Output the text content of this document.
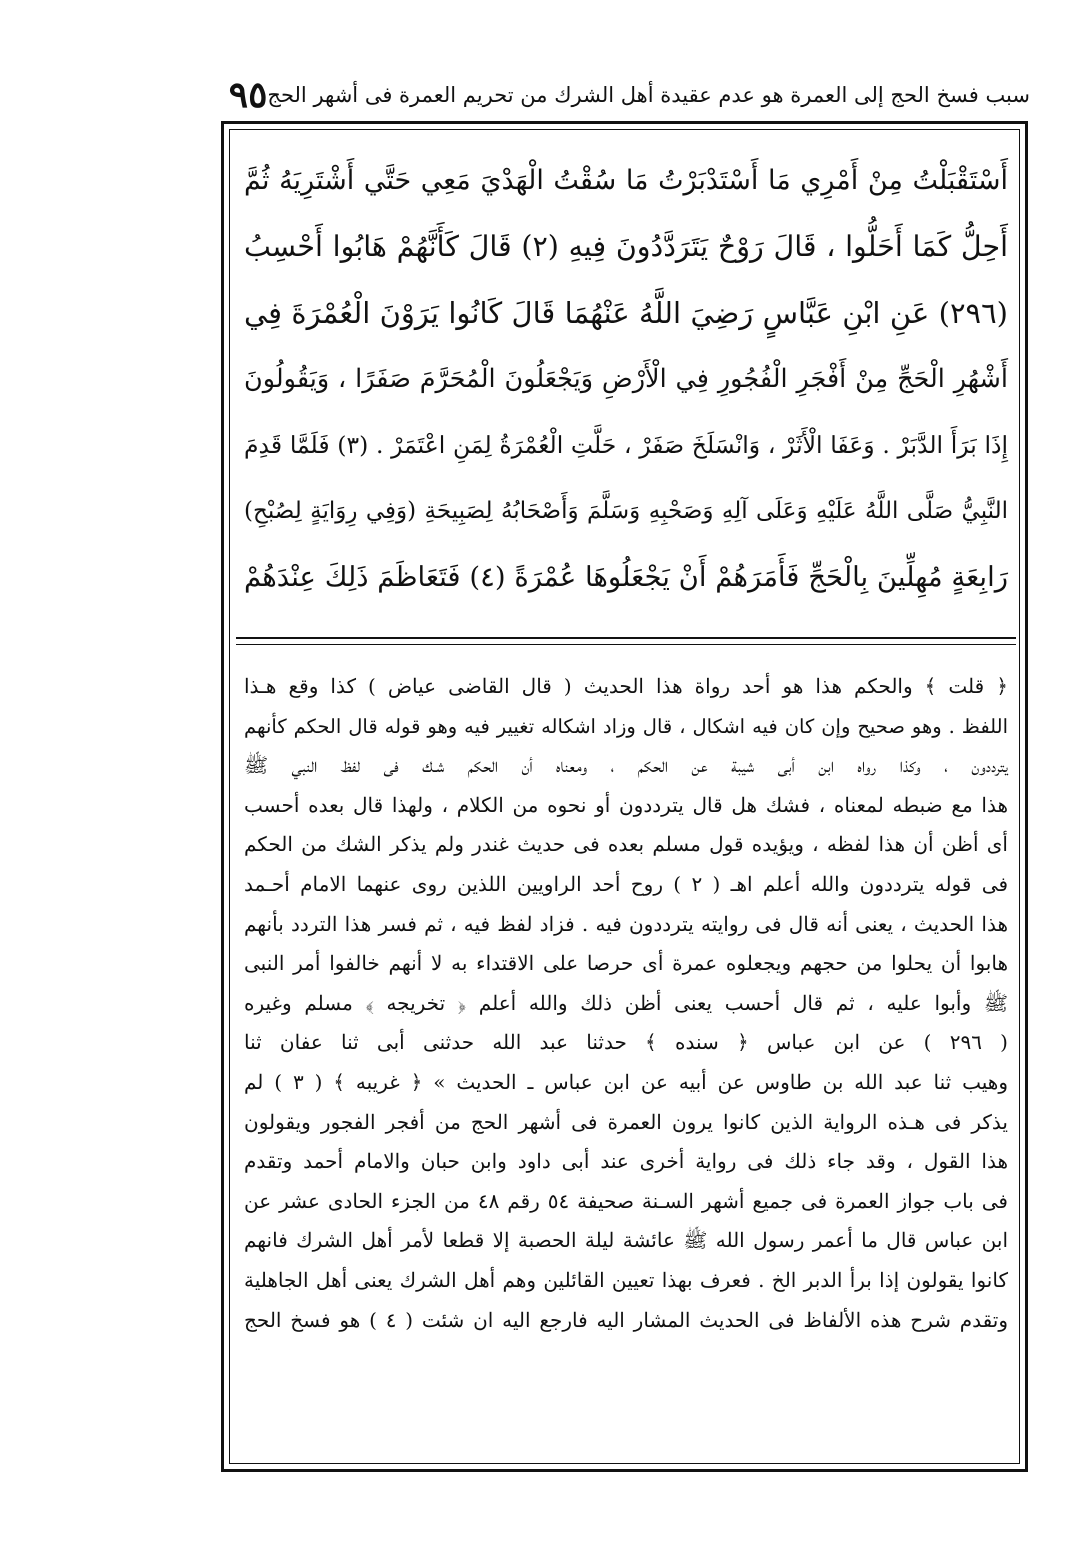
سبب فسخ الحج إلى العمرة هو عدم عقيدة أهل الشرك من تحريم العمرة فى أشهر الحج
٩٥

أَسْتَقْبَلْتُ مِنْ أَمْرِي مَا أَسْتَدْبَرْتُ مَا سُقْتُ الْهَدْيَ مَعِي حَتَّي أَشْتَرِيَهُ ثُمَّ

أَحِلُّ كَمَا أَحَلُّوا ، قَالَ رَوْحٌ يَتَرَدَّدُونَ فِيهِ (٢) قَالَ كَأَنَّهُمْ هَابُوا أَحْسِبُ

(٢٩٦) عَنِ ابْنِ عَبَّاسٍ رَضِيَ اللَّهُ عَنْهُمَا قَالَ كَانُوا يَرَوْنَ الْعُمْرَةَ فِي

أَشْهُرِ الْحَجِّ مِنْ أَفْجَرِ الْفُجُورِ فِي الْأَرْضِ وَيَجْعَلُونَ الْمُحَرَّمَ صَفَرًا ، وَيَقُولُونَ

إِذَا بَرَأَ الدَّبَرْ . وَعَفَا الْأَثَرْ ، وَانْسَلَخَ صَفَرْ ، حَلَّتِ الْعُمْرَةُ لِمَنِ اعْتَمَرْ . (٣) فَلَمَّا قَدِمَ

النَّبِيُّ صَلَّى اللَّهُ عَلَيْهِ وَعَلَى آلِهِ وَصَحْبِهِ وَسَلَّمَ وَأَصْحَابُهُ لِصَبِيحَةِ (وَفِي رِوَايَةٍ لِصُبْحِ)

رَابِعَةٍ مُهِلِّينَ بِالْحَجِّ فَأَمَرَهُمْ أَنْ يَجْعَلُوهَا عُمْرَةً (٤) فَتَعَاظَمَ ذَلِكَ عِنْدَهُمْ

﴿ قلت ﴾ والحكم هذا هو أحد رواة هذا الحديث ( قال القاضى عياض ) كذا وقع هـذا

اللفظ . وهو صحيح وإن كان فيه اشكال ، قال وزاد اشكاله تغيير فيه وهو قوله قال الحكم كأنهم

يترددون ، وكذا رواه ابن أبى شيبة عن الحكم ، ومعناه أن الحكم شـك فى لفظ النبي ﷺ

هذا مع ضبطه لمعناه ، فشك هل قال يترددون أو نحوه من الكلام ، ولهذا قال بعده أحسب

أى أظن أن هذا لفظه ، ويؤيده قول مسلم بعده فى حديث غندر ولم يذكر الشك من الحكم

فى قوله يترددون والله أعلم اهـ ( ٢ ) روح أحد الراويين اللذين روى عنهما الامام أحـمد

هذا الحديث ، يعنى أنه قال فى روايته يترددون فيه . فزاد لفظ فيه ، ثم فسر هذا التردد بأنهم

هابوا أن يحلوا من حجهم ويجعلوه عمرة أى حرصا على الاقتداء به لا أنهم خالفوا أمر النبى

ﷺ وأبوا عليه ، ثم قال أحسب يعنى أظن ذلك والله أعلم ﴿ تخريجه ﴾ مسلم وغيره

( ٢٩٦ ) عن ابن عباس ﴿ سنده ﴾ حدثنا عبد الله حدثنى أبى ثنا عفان ثنا

وهيب ثنا عبد الله بن طاوس عن أبيه عن ابن عباس ـ الحديث » ﴿ غريبه ﴾ ( ٣ ) لم

يذكر فى هـذه الرواية الذين كانوا يرون العمرة فى أشهر الحج من أفجر الفجور ويقولون

هذا القول ، وقد جاء ذلك فى رواية أخرى عند أبى داود وابن حبان والامام أحمد وتقدم

فى باب جواز العمرة فى جميع أشهر السـنة صحيفة ٥٤ رقم ٤٨ من الجزء الحادى عشر عن

ابن عباس قال ما أعمر رسول الله ﷺ عائشة ليلة الحصبة إلا قطعا لأمر أهل الشرك فانهم

كانوا يقولون إذا برأ الدبر الخ . فعرف بهذا تعيين القائلين وهم أهل الشرك يعنى أهل الجاهلية

وتقدم شرح هذه الألفاظ فى الحديث المشار اليه فارجع اليه ان شئت ( ٤ ) هو فسخ الحج
